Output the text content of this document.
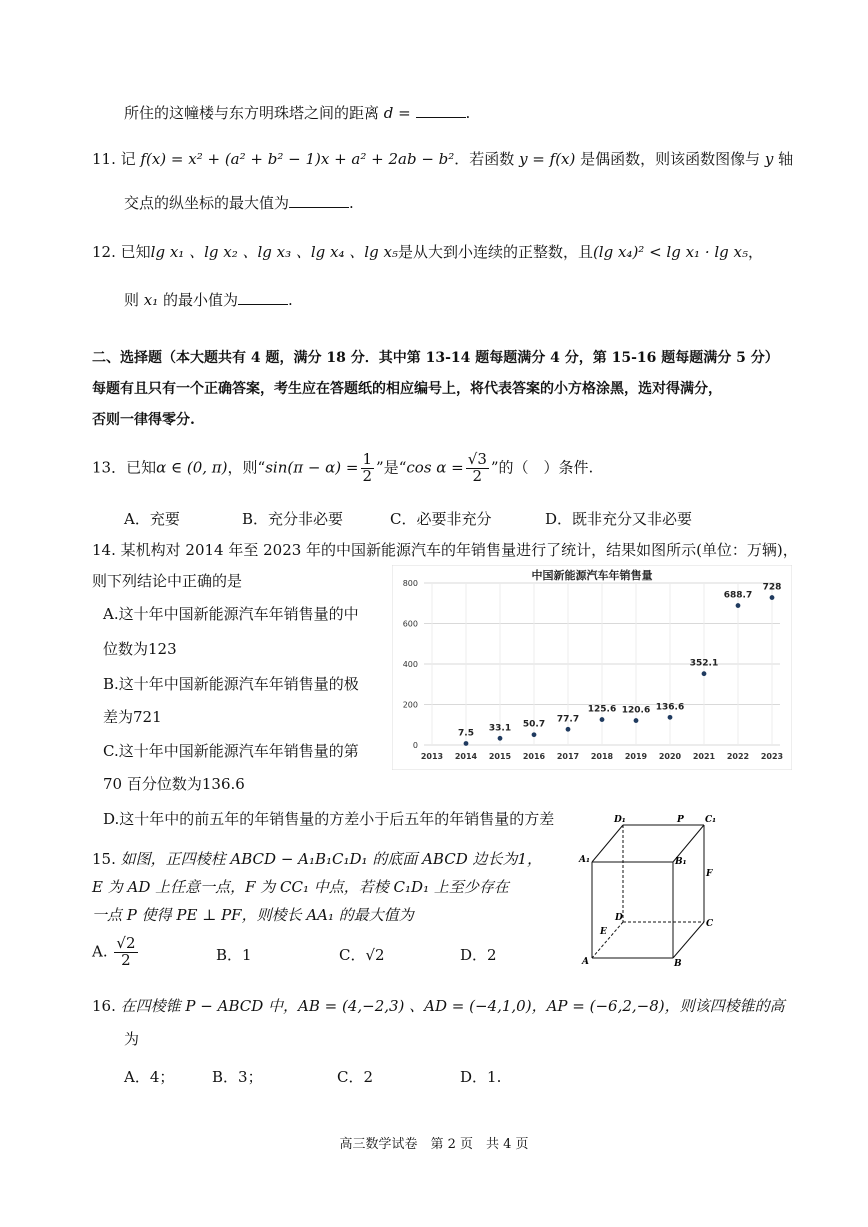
所住的这幢楼与东方明珠塔之间的距离 d =	.
11. 记 f(x) = x² + (a² + b² − 1)x + a² + 2ab − b²．若函数 y = f(x) 是偶函数，则该函数图像与 y 轴
交点的纵坐标的最大值为	.
12. 已知lg x₁ 、lg x₂ 、lg x₃ 、lg x₄ 、lg x₅是从大到小连续的正整数，且(lg x₄)² < lg x₁ · lg x₅，
则 x₁ 的最小值为	.
二、选择题（本大题共有 4 题，满分 18 分．其中第 13-14 题每题满分 4 分，第 15-16 题每题满分 5 分）
每题有且只有一个正确答案，考生应在答题纸的相应编号上，将代表答案的小方格涂黑，选对得满分，
否则一律得零分.
13．已知α ∈ (0, π)，则“$\sin(\pi - \alpha) = \frac{1}{2}$ ”是“cos $\alpha = \frac{√3}{2}$ ”的（　）条件.
A．充要	B．充分非必要	C．必要非充分	D．既非充分又非必要
14. 某机构对 2014 年至 2023 年的中国新能源汽车的年销售量进行了统计，结果如图所示(单位：万辆)，
则下列结论中正确的是
A.这十年中国新能源汽车年销售量的中
位数为123
B.这十年中国新能源汽车年销售量的极
差为721
C.这十年中国新能源汽车年销售量的第
70 百分位数为136.6
D.这十年中的前五年的年销售量的方差小于后五年的年销售量的方差
0
200
400
600
800
2013 2014 2015 2016 2017 2018 2019 2020 2021 2022 2023
7.5
33.1 50.7
77.7
125.6 120.6 136.6
352.1
688.7
728
中国新能源汽车年销售量
15. 如图，正四棱柱 ABCD − A₁B₁C₁D₁ 的底面 ABCD 边长为1，
E 为 AD 上任意一点，F 为 CC₁ 中点，若棱 C₁D₁ 上至少存在
一点 P 使得 PE ⊥ PF，则棱长 AA₁ 的最大值为
A. $\frac{√2}{2}$	B．1	C．√2	D．2
D₁	P C₁
A₁	B₁
F
D
C
E
A	B
16. 在四棱锥 P − ABCD 中，AB = (4,−2,3) 、AD = (−4,1,0)，AP = (−6,2,−8)，则该四棱锥的高
为
A．4；	B．3；	C．2	D．1.
高三数学试卷　第 2 页　共 4 页
